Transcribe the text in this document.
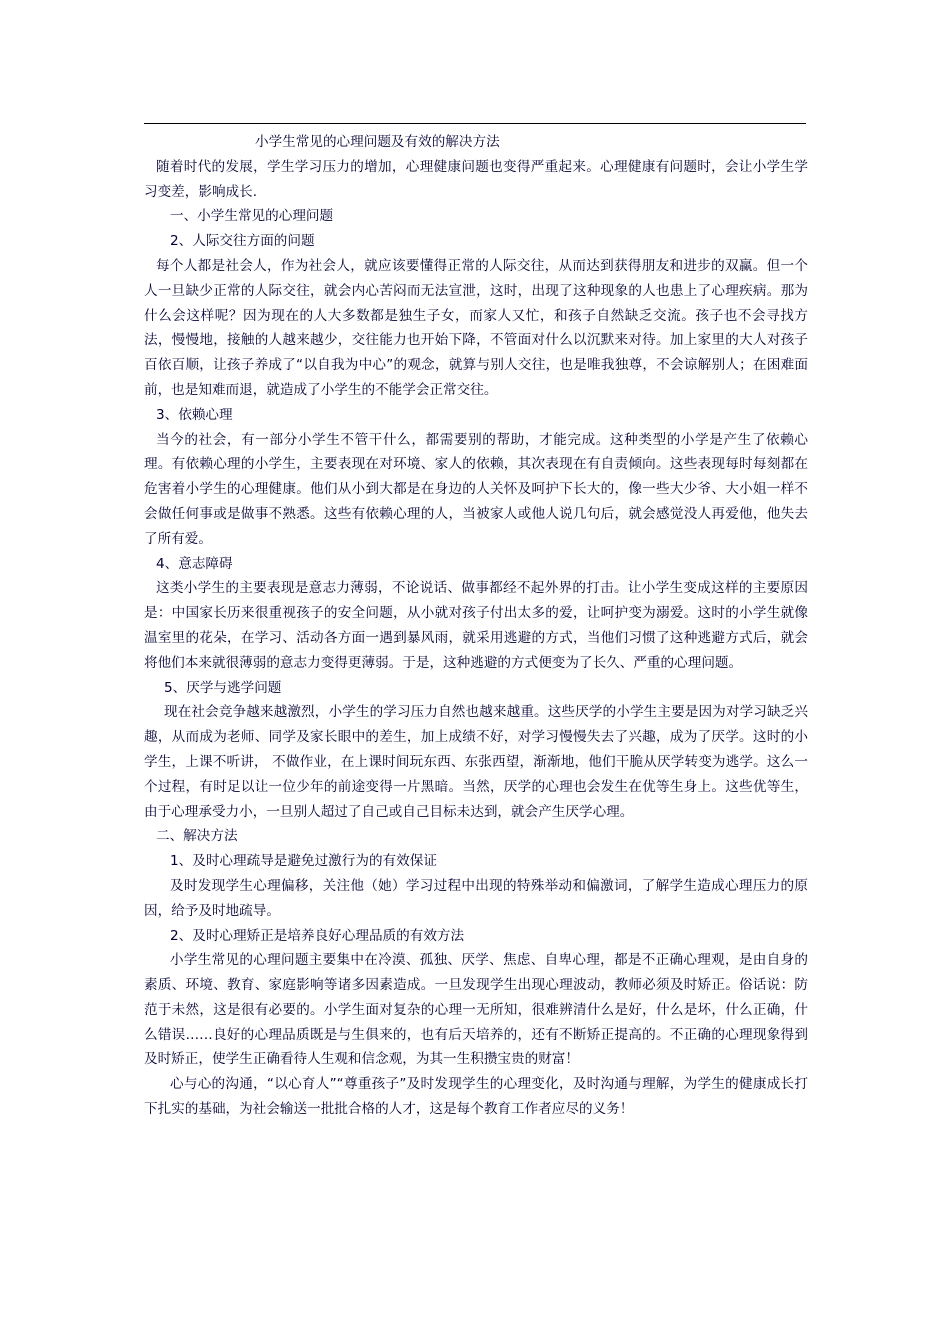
小学生常见的心理问题及有效的解决方法

随着时代的发展，学生学习压力的增加，心理健康问题也变得严重起来。心理健康有问题时，会让小学生学习变差，影响成长.

一、小学生常见的心理问题

2、人际交往方面的问题

每个人都是社会人，作为社会人，就应该要懂得正常的人际交往，从而达到获得朋友和进步的双赢。但一个人一旦缺少正常的人际交往，就会内心苦闷而无法宣泄，这时，出现了这种现象的人也患上了心理疾病。那为什么会这样呢？因为现在的人大多数都是独生子女，而家人又忙，和孩子自然缺乏交流。孩子也不会寻找方法，慢慢地，接触的人越来越少，交往能力也开始下降，不管面对什么以沉默来对待。加上家里的大人对孩子百依百顺，让孩子养成了“以自我为中心”的观念，就算与别人交往，也是唯我独尊，不会谅解别人；在困难面前，也是知难而退，就造成了小学生的不能学会正常交往。

3、依赖心理

当今的社会，有一部分小学生不管干什么，都需要别的帮助，才能完成。这种类型的小学是产生了依赖心理。有依赖心理的小学生，主要表现在对环境、家人的依赖，其次表现在有自责倾向。这些表现每时每刻都在危害着小学生的心理健康。他们从小到大都是在身边的人关怀及呵护下长大的，像一些大少爷、大小姐一样不会做任何事或是做事不熟悉。这些有依赖心理的人，当被家人或他人说几句后，就会感觉没人再爱他，他失去了所有爱。

4、意志障碍

这类小学生的主要表现是意志力薄弱，不论说话、做事都经不起外界的打击。让小学生变成这样的主要原因是：中国家长历来很重视孩子的安全问题，从小就对孩子付出太多的爱，让呵护变为溺爱。这时的小学生就像温室里的花朵，在学习、活动各方面一遇到暴风雨，就采用逃避的方式，当他们习惯了这种逃避方式后，就会将他们本来就很薄弱的意志力变得更薄弱。于是，这种逃避的方式便变为了长久、严重的心理问题。

5、厌学与逃学问题

现在社会竞争越来越激烈，小学生的学习压力自然也越来越重。这些厌学的小学生主要是因为对学习缺乏兴趣，从而成为老师、同学及家长眼中的差生，加上成绩不好，对学习慢慢失去了兴趣，成为了厌学。这时的小学生，上课不听讲， 不做作业，在上课时间玩东西、东张西望，渐渐地，他们干脆从厌学转变为逃学。这么一个过程，有时足以让一位少年的前途变得一片黑暗。当然，厌学的心理也会发生在优等生身上。这些优等生，由于心理承受力小，一旦别人超过了自己或自己目标未达到，就会产生厌学心理。

二、解决方法

1、及时心理疏导是避免过激行为的有效保证

及时发现学生心理偏移，关注他（她）学习过程中出现的特殊举动和偏激词，了解学生造成心理压力的原因，给予及时地疏导。

2、及时心理矫正是培养良好心理品质的有效方法

小学生常见的心理问题主要集中在冷漠、孤独、厌学、焦虑、自卑心理，都是不正确心理观，是由自身的素质、环境、教育、家庭影响等诸多因素造成。一旦发现学生出现心理波动，教师必须及时矫正。俗话说：防范于未然，这是很有必要的。小学生面对复杂的心理一无所知，很难辨清什么是好，什么是坏，什么正确，什么错误……良好的心理品质既是与生俱来的，也有后天培养的，还有不断矫正提高的。不正确的心理现象得到及时矫正，使学生正确看待人生观和信念观，为其一生积攒宝贵的财富！

心与心的沟通，“以心育人”“尊重孩子”及时发现学生的心理变化，及时沟通与理解，为学生的健康成长打下扎实的基础，为社会输送一批批合格的人才，这是每个教育工作者应尽的义务！
